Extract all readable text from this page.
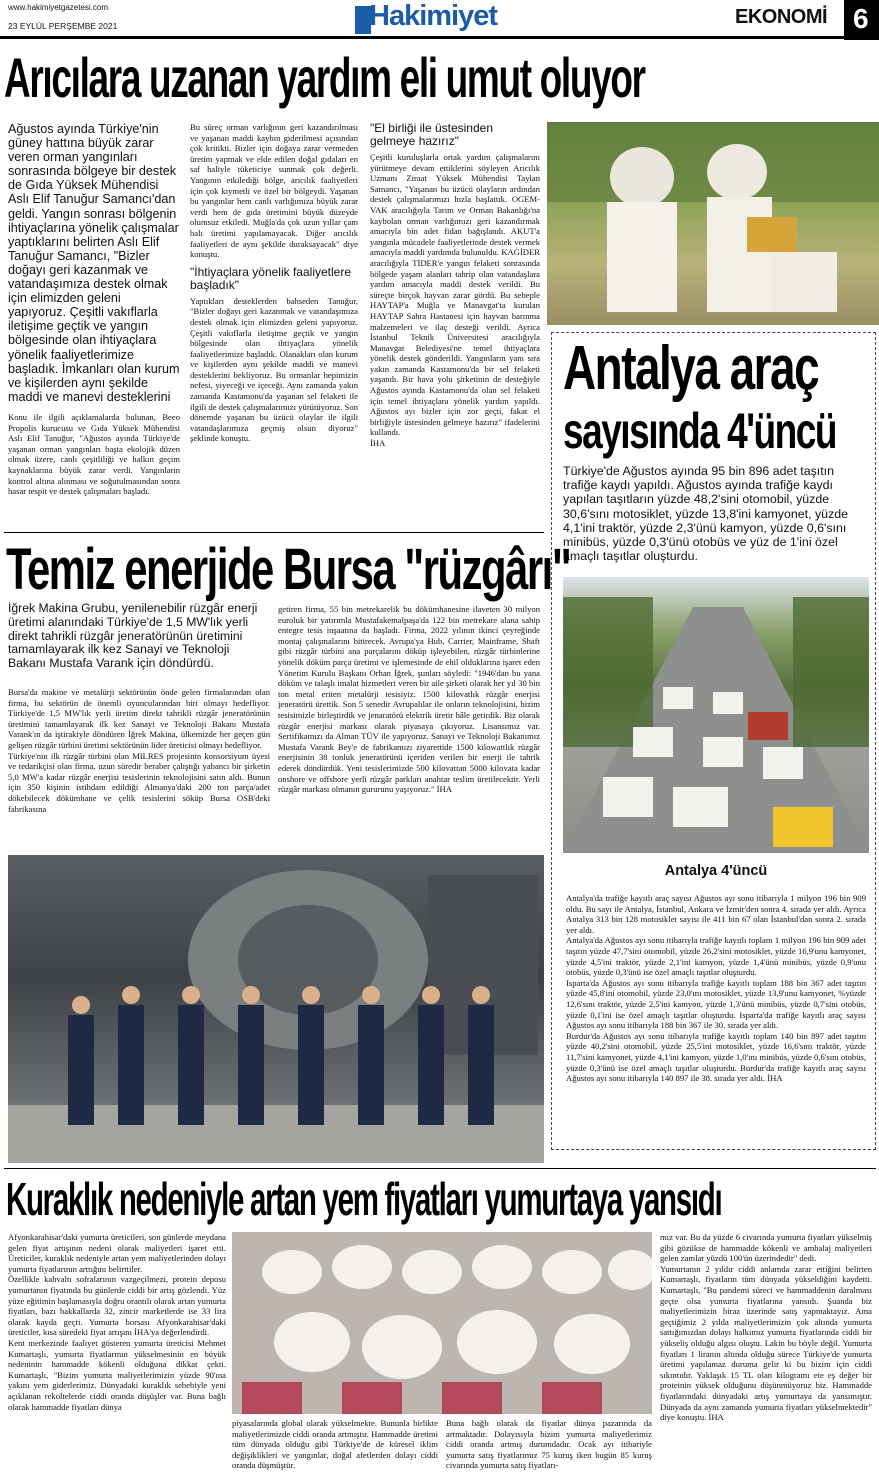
www.hakimiyetgazetesi.com
23 EYLÜL PERŞEMBE 2021	Hakimiyet	EKONOMİ 6
Arıcılara uzanan yardım eli umut oluyor
Ağustos ayında Türkiye'nin güney hattına büyük zarar veren orman yangınları sonrasında bölgeye bir destek de Gıda Yüksek Mühendisi Aslı Elif Tanuğur Samancı'dan geldi. Yangın sonrası bölgenin ihtiyaçlarına yönelik çalışmalar yaptıklarını belirten Aslı Elif Tanuğur Samancı, "Bizler doğayı geri kazanmak ve vatandaşımıza destek olmak için elimizden geleni yapıyoruz. Çeşitli vakıflarla iletişime geçtik ve yangın bölgesinde olan ihtiyaçlara yönelik faaliyetlerimize başladık. İmkanları olan kurum ve kişilerden aynı şekilde maddi ve manevi desteklerini

Konu ile ilgili açıklamalarda bulunan, Beeo Propolis kurucusu ve Gıda Yüksek Mühendisi Aslı Elif Tanuğur, "Ağustos ayında Türkiye'de yaşanan orman yangınları başta ekolojik düzen olmak üzere, canlı çeşitliliği ve halkın geçim kaynaklarına büyük zarar verdi. Yangınların kontrol altına alınması ve soğutulmasından sonra hasar tespit ve destek çalışmaları başladı.

Bu süreç orman varlığının geri kazandırılması ve yaşanan maddi kaybın giderilmesi açısından çok kritikti. Bizler için doğaya zarar vermeden üretim yapmak ve elde edilen doğal gıdaları en saf haliyle tüketiciye sunmak çok değerli. Yangının etkilediği bölge, arıcılık faaliyetleri için çok kıymetli ve özel bir bölgeydi. Yaşanan bu yangınlar hem canlı varlığımıza büyük zarar verdi hem de gıda üretimini büyük düzeyde olumsuz etkiledi. Muğla'da çok uzun yıllar çam balı üretimi yapılamayacak. Diğer arıcılık faaliyetleri de aynı şekilde duraksayacak" diye konuştu.

"İhtiyaçlara yönelik faaliyetlere başladık"

Yaptıkları desteklerden bahseden Tanuğur, "Bizler doğayı geri kazanmak ve vatandaşımıza destek olmak için elimizden geleni yapıyoruz. Çeşitli vakıflarla iletişime geçtik ve yangın bölgesinde olan ihtiyaçlara yönelik faaliyetlerimize başladık. Olanakları olan kurum ve kişilerden aynı şekilde maddi ve manevi desteklerini bekliyoruz. Bu ormanlar hepimizin nefesi, yiyeceği ve içeceği. Aynı zamanda yakın zamanda Kastamonu'da yaşanan sel felaketi ile ilgili de destek çalışmalarımızı yürütüyoruz. Son dönemde yaşanan bu üzücü olaylar ile ilgili vatandaşlarımıza geçmiş olsun diyoruz" şeklinde konuştu.

"El birliği ile üstesinden gelmeye hazırız"

Çeşitli kuruluşlarla ortak yardım çalışmalarını yürütmeye devam ettiklerini söyleyen Arıcılık Uzmanı Ziraat Yüksek Mühendisi Taylan Samancı, "Yaşanan bu üzücü olayların ardından destek çalışmalarımızı hızla başlattık. OGEM-VAK aracılığıyla Tarım ve Orman Bakanlığı'na kaybolan orman varlığımızı geri kazandırmak amacıyla bin adet fidan bağışlandı. AKUT'a yangınla mücadele faaliyetlerinde destek vermek amacıyla maddi yardımda bulunuldu. KAGİDER aracılığıyla TİDER'e yangın felaketi sonrasında bölgede yaşam alanları tahrip olan vatandaşlara yardım amacıyla maddi destek verildi. Bu süreçte birçok hayvan zarar gördü. Bu sebeple HAYTAP'a Muğla ve Manavgat'ta kurulan HAYTAP Sahra Hastanesi için hayvan barınma malzemeleri ve ilaç desteği verildi. Ayrıca İstanbul Teknik Üniversitesi aracılığıyla Manavgat Belediyesi'ne temel ihtiyaçlara yönelik destek gönderildi. Yangınların yanı sıra yakın zamanda Kastamonu'da bir sel felaketi yaşandı. Bir hava yolu şirketinin de desteğiyle Ağustos ayında Kastamonu'da olan sel felaketi için temel ihtiyaçlara yönelik yardım yapıldı. Ağustos ayı bizler için zor geçti, fakat el birliğiyle üstesinden gelmeye hazırız" ifadelerini kullandı.
İHA

Antalya araç
sayısında 4'üncü
Türkiye'de Ağustos ayında 95 bin 896 adet taşıtın trafiğe kaydı yapıldı. Ağustos ayında trafiğe kaydı yapılan taşıtların yüzde 48,2'sini otomobil, yüzde 30,6'sını motosiklet, yüzde 13,8'ini kamyonet, yüzde 4,1'ini traktör, yüzde 2,3'ünü kamyon, yüzde 0,6'sını minibüs, yüzde 0,3'ünü otobüs ve yüz de 1'ini özel amaçlı taşıtlar oluşturdu.
Antalya 4'üncü

Antalya'da trafiğe kayıtlı araç sayısı Ağustos ayı sonu itibarıyla 1 milyon 196 bin 909 oldu. Bu sayı ile Antalya, İstanbul, Ankara ve İzmir'den sonra 4. sırada yer aldı. Ayrıca Antalya 313 bin 128 motosiklet sayısı ile 411 bin 67 olan İstanbul'dan sonra 2. sırada yer aldı.
Antalya'da Ağustos ayı sonu itibarıyla trafiğe kayıtlı toplam 1 milyon 196 bin 909 adet taşıtın yüzde 47,7'sini otomobil, yüzde 26,2'sini motosiklet, yüzde 16,9'unu kamyonet, yüzde 4,5'ini traktör, yüzde 2,1'ini kamyon, yüzde 1,4'ünü minibüs, yüzde 0,9'unu otobüs, yüzde 0,3'ünü ise özel amaçlı taşıtlar oluşturdu.
Isparta'da Ağustos ayı sonu itibarıyla trafiğe kayıtlı toplam 188 bin 367 adet taşıtın yüzde 45,8'ini otomobil, yüzde 23,0'ını motosiklet, yüzde 13,9'unu kamyonet, %yüzde 12,6'sını traktör, yüzde 2,5'ini kamyon, yüzde 1,3'ünü minibüs, yüzde 0,7'sini otobüs, yüzde 0,1'ini ise özel amaçlı taşıtlar oluşturdu. Isparta'da trafiğe kayıtlı araç sayısı Ağustos ayı sonu itibarıyla 188 bin 367 ile 30. sırada yer aldı.
Burdur'da Ağustos ayı sonu itibarıyla trafiğe kayıtlı toplam 140 bin 897 adet taşıtın yüzde 40,2'sini otomobil, yüzde 25,5'ini motosiklet, yüzde 16,6'sını traktör, yüzde 11,7'sini kamyonet, yüzde 4,1'ini kamyon, yüzde 1,0'ını minibüs, yüzde 0,6'sını otobüs, yüzde 0,3'ünü ise özel amaçlı taşıtlar oluşturdu. Burdur'da trafiğe kayıtlı araç sayısı Ağustos ayı sonu itibarıyla 140 897 ile 38. sırada yer aldı. İHA

Temiz enerjide Bursa "rüzgârı"
İğrek Makina Grubu, yenilenebilir rüzgâr enerji üretimi alanındaki Türkiye'de 1,5 MW'lık yerli direkt tahrikli rüzgâr jeneratörünün üretimini tamamlayarak ilk kez Sanayi ve Teknoloji Bakanı Mustafa Varank için döndürdü.

Bursa'da makine ve metalürji sektörünün önde gelen firmalarından olan firma, bu sektörün de önemli oyuncularından biri olmayı hedefliyor. Türkiye'de 1,5 MW'lık yerli üretim direkt tahrikli rüzgâr jeneratörünün üretimini tamamlayarak ilk kez Sanayi ve Teknoloji Bakanı Mustafa Varank'ın da iştirakiyle döndüren İğrek Makina, ülkemizde her geçen gün gelişen rüzgâr türbini üretimi sektörünün lider üreticisi olmayı hedefliyor.
Türkiye'nin ilk rüzgâr türbini olan MILRES projesinin konsorsiyum üyesi ve tedarikçisi olan firma, uzun süredir beraber çalıştığı yabancı bir şirketin 5,0 MW'a kadar rüzgâr enerjisi tesislerinin teknolojisini satın aldı. Bunun için 350 kişinin istihdam edildiği Almanya'daki 200 ton parça/adet dökebilecek dökümhane ve çelik tesislerini söküp Bursa OSB'deki fabrikasına

getiren firma, 55 bin metrekarelik bu dökümhanesine ilaveten 30 milyon euroluk bir yatırımla Mustafakemalpaşa'da 122 bin metrekare alana sahip entegre tesis inşaatına da başladı. Firma, 2022 yılının ikinci çeyreğinde montaj çalışmalarını bitirecek. Avrupa'ya Hub, Carrier, Mainframe, Shaft gibi rüzgâr türbini ana parçalarını döküp işleyebilen, rüzgâr türbinlerine yönelik döküm parça üretimi ve işlemesinde de ehil olduklarına işaret eden Yönetim Kurulu Başkanı Orhan İğrek, şunları söyledi: "1946'dan bu yana döküm ve talaşlı imalat hizmetleri veren bir aile şirketi olarak her yıl 30 bin ton metal eriten metalürji tesisiyiz. 1500 kilovatlık rüzgâr enerjisi jeneratörü ürettik. Son 5 senedir Avrupalılar ile onların teknolojisini, bizim tesisimizle birleştirdik ve jenaratörü elektrik üretir hâle getirdik. Biz olarak rüzgâr enerjisi markası olarak piyasaya çıkıyoruz. Lisansımız var. Sertifikamızı da Alman TÜV ile yapıyoruz. Sanayi ve Teknoloji Bakanımız Mustafa Varank Bey'e de fabrikamızı ziyarettide 1500 kilowattlık rüzgâr enerjisinin 38 tonluk jeneratörünü içeriden verilen bir enerji ile tahrik ederek döndürdük. Yeni tesislerimizde 500 kilovattan 5000 kilovata kadar onshore ve offshore yerli rüzgâr parkları anahtar teslim üretilecektir. Yerli rüzgâr markası olmanın gururunu yaşıyoruz." İHA

Kuraklık nedeniyle artan yem fiyatları yumurtaya yansıdı

Afyonkarahisar'daki yumurta üreticileri, son günlerde meydana gelen fiyat artışının nedeni olarak maliyetleri işaret etti. Üreticiler, kuraklık nedeniyle artan yem maliyetlerinden dolayı yumurta fiyatlarının arttığını belirttiler.
Özellikle kahvaltı sofralarının vazgeçilmezi, protein deposu yumurtanın fiyatında bu günlerde ciddi bir artış gözlendi. Yüz yüze eğitimin başlamasıyla doğru orantılı olarak artan yumurta fiyatları, bazı bakkallarda 32, zincir marketlerde ise 33 lira olarak kayda geçti. Yumurta borsası Afyonkarahisar'daki üreticiler, kısa süredeki fiyat artışını İHA'ya değerlendirdi.
Kent merkezinde faaliyet gösteren yumurta üreticisi Mehmet Kumartaşlı, yumurta fiyatlarının yükselmesinin en büyük nedeninin hammadde kökenli olduğuna dikkat çekti. Kumartaşlı, "Bizim yumurta maliyetlerimizin yüzde 90'ına yakını yem giderlerimiz. Dünyadaki kuraklık sebebiyle yeni açıklanan rekoltelerde ciddi oranda düşüşler var. Buna bağlı olarak hammadde fiyatları dünya

piyasalarında global olarak yükselmekte. Bununla birlikte maliyetlerimizde ciddi oranda artmıştır. Hammadde üretimi tüm dünyada olduğu gibi Türkiye'de de küresel iklim değişiklikleri ve yangınlar, doğal afetlerden dolayı ciddi oranda düşmüştür.

Buna bağlı olarak da fiyatlar dünya pazarında da artmaktadır. Dolayısıyla bizim yumurta maliyetlerimiz ciddi oranda artmış durumdadır. Ocak ayı itibariyle yumurta satış fiyatlarımız 75 kuruş iken bugün 85 kuruş civarında yumurta satış fiyatları-

mız var. Bu da yüzde 6 civarında yumurta fiyatları yükselmiş gibi gözükse de hammadde kökenli ve ambalaj maliyetleri gelen zamlar yüzdü 100'ün üzerindedir" dedi.
Yumurtanın 2 yıldır ciddi anlamda zarar ettiğini belirten Kumartaşlı, fiyatların tüm dünyada yükseldiğini kaydetti. Kumartaşlı, "Bu pandemi süreci ve hammaddenin daralması geçte olsa yumurta fiyatlarına yansıdı. Şuanda biz maliyetlerimizin biraz üzerinde satış yapmaktayız. Ama geçtiğimiz 2 yılda maliyetlerimizin çok altında yumurta sattığımızdan dolayı halkımız yumurta fiyatlarında ciddi bir yükseliş olduğu algısı oluştu. Lakin bu böyle değil. Yumurta fiyatları 1 liranın altında olduğu sürece Türkiye'de yumurta üretimi yapılamaz duruma gelir ki bu bizim için ciddi sıkıntıdır. Yaklaşık 15 TL olan kilogramı ete eş değer bir proteinin yüksek olduğunu düşünmüyoruz biz. Hammadde fiyatlarındaki dünyadaki artış yumurtaya da yansımıştır. Dünyada da aynı zamanda yumurta fiyatları yükselmektedir" diye konuştu. İHA
